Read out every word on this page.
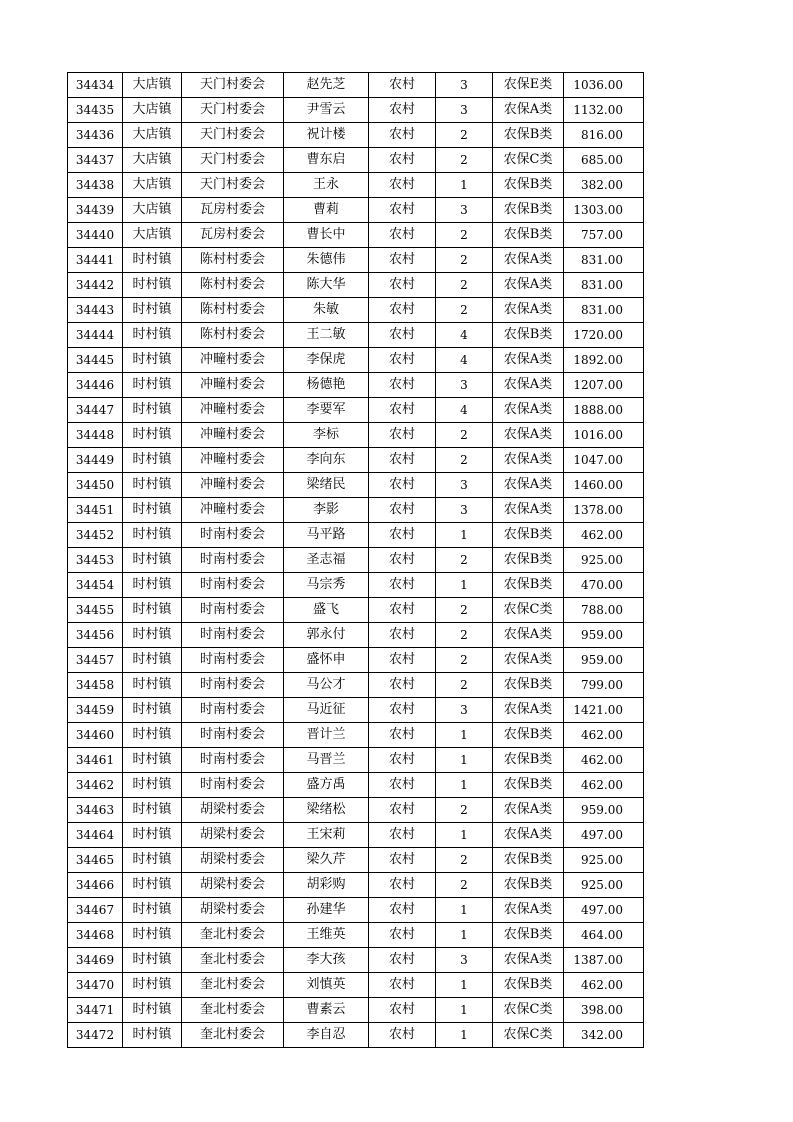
34434	大店镇	天门村委会	赵先芝	农村	3	农保E类	1036.00
34435	大店镇	天门村委会	尹雪云	农村	3	农保A类	1132.00
34436	大店镇	天门村委会	祝计楼	农村	2	农保B类	816.00
34437	大店镇	天门村委会	曹东启	农村	2	农保C类	685.00
34438	大店镇	天门村委会	王永	农村	1	农保B类	382.00
34439	大店镇	瓦房村委会	曹莉	农村	3	农保B类	1303.00
34440	大店镇	瓦房村委会	曹长中	农村	2	农保B类	757.00
34441	时村镇	陈村村委会	朱德伟	农村	2	农保A类	831.00
34442	时村镇	陈村村委会	陈大华	农村	2	农保A类	831.00
34443	时村镇	陈村村委会	朱敏	农村	2	农保A类	831.00
34444	时村镇	陈村村委会	王二敏	农村	4	农保B类	1720.00
34445	时村镇	冲疃村委会	李保虎	农村	4	农保A类	1892.00
34446	时村镇	冲疃村委会	杨德艳	农村	3	农保A类	1207.00
34447	时村镇	冲疃村委会	李要军	农村	4	农保A类	1888.00
34448	时村镇	冲疃村委会	李标	农村	2	农保A类	1016.00
34449	时村镇	冲疃村委会	李向东	农村	2	农保A类	1047.00
34450	时村镇	冲疃村委会	梁绪民	农村	3	农保A类	1460.00
34451	时村镇	冲疃村委会	李影	农村	3	农保A类	1378.00
34452	时村镇	时南村委会	马平路	农村	1	农保B类	462.00
34453	时村镇	时南村委会	圣志福	农村	2	农保B类	925.00
34454	时村镇	时南村委会	马宗秀	农村	1	农保B类	470.00
34455	时村镇	时南村委会	盛飞	农村	2	农保C类	788.00
34456	时村镇	时南村委会	郭永付	农村	2	农保A类	959.00
34457	时村镇	时南村委会	盛怀申	农村	2	农保A类	959.00
34458	时村镇	时南村委会	马公才	农村	2	农保B类	799.00
34459	时村镇	时南村委会	马近征	农村	3	农保A类	1421.00
34460	时村镇	时南村委会	晋计兰	农村	1	农保B类	462.00
34461	时村镇	时南村委会	马晋兰	农村	1	农保B类	462.00
34462	时村镇	时南村委会	盛方禹	农村	1	农保B类	462.00
34463	时村镇	胡梁村委会	梁绪松	农村	2	农保A类	959.00
34464	时村镇	胡梁村委会	王宋莉	农村	1	农保A类	497.00
34465	时村镇	胡梁村委会	梁久芹	农村	2	农保B类	925.00
34466	时村镇	胡梁村委会	胡彩购	农村	2	农保B类	925.00
34467	时村镇	胡梁村委会	孙建华	农村	1	农保A类	497.00
34468	时村镇	奎北村委会	王维英	农村	1	农保B类	464.00
34469	时村镇	奎北村委会	李大孩	农村	3	农保A类	1387.00
34470	时村镇	奎北村委会	刘慎英	农村	1	农保B类	462.00
34471	时村镇	奎北村委会	曹素云	农村	1	农保C类	398.00
34472	时村镇	奎北村委会	李自忍	农村	1	农保C类	342.00
